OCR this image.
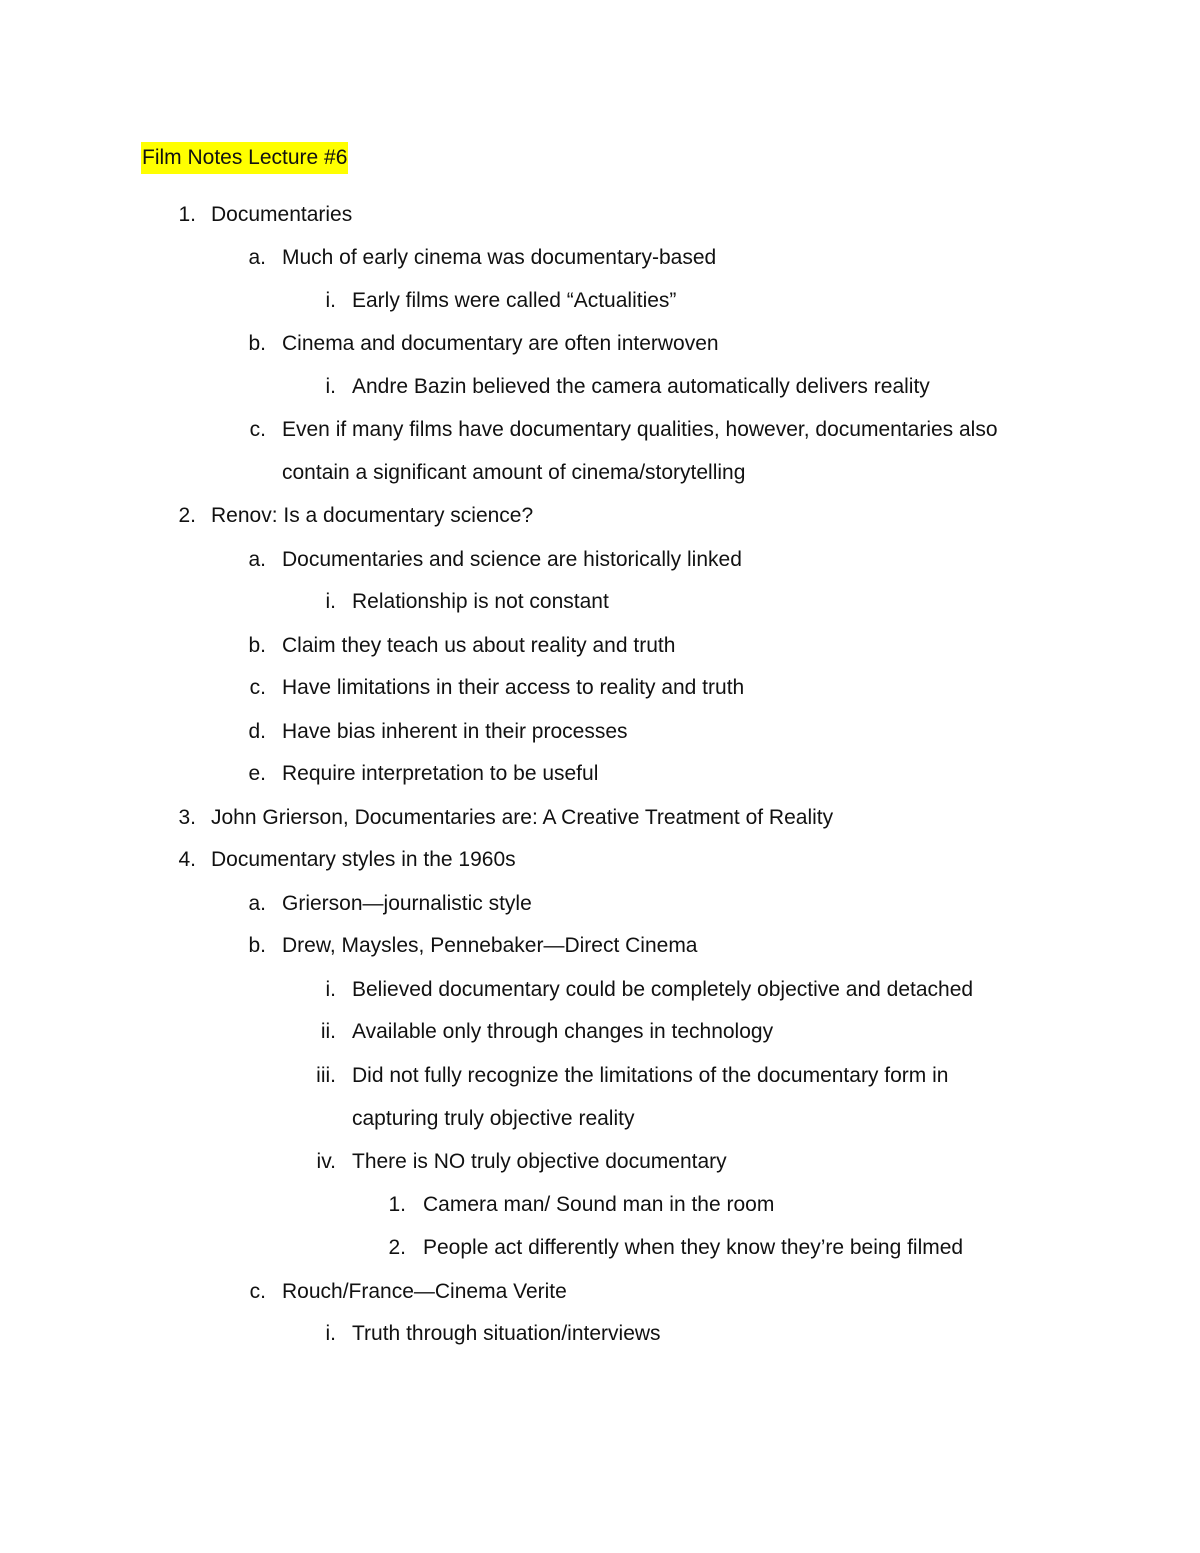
Film Notes Lecture #6
1. Documentaries
a. Much of early cinema was documentary-based
i. Early films were called “Actualities”
b. Cinema and documentary are often interwoven
i. Andre Bazin believed the camera automatically delivers reality
c. Even if many films have documentary qualities, however, documentaries also
contain a significant amount of cinema/storytelling
2. Renov: Is a documentary science?
a. Documentaries and science are historically linked
i. Relationship is not constant
b. Claim they teach us about reality and truth
c. Have limitations in their access to reality and truth
d. Have bias inherent in their processes
e. Require interpretation to be useful
3. John Grierson, Documentaries are: A Creative Treatment of Reality
4. Documentary styles in the 1960s
a. Grierson—journalistic style
b. Drew, Maysles, Pennebaker—Direct Cinema
i. Believed documentary could be completely objective and detached
ii. Available only through changes in technology
iii. Did not fully recognize the limitations of the documentary form in
capturing truly objective reality
iv. There is NO truly objective documentary
1. Camera man/ Sound man in the room
2. People act differently when they know they’re being filmed
c. Rouch/France—Cinema Verite
i. Truth through situation/interviews
